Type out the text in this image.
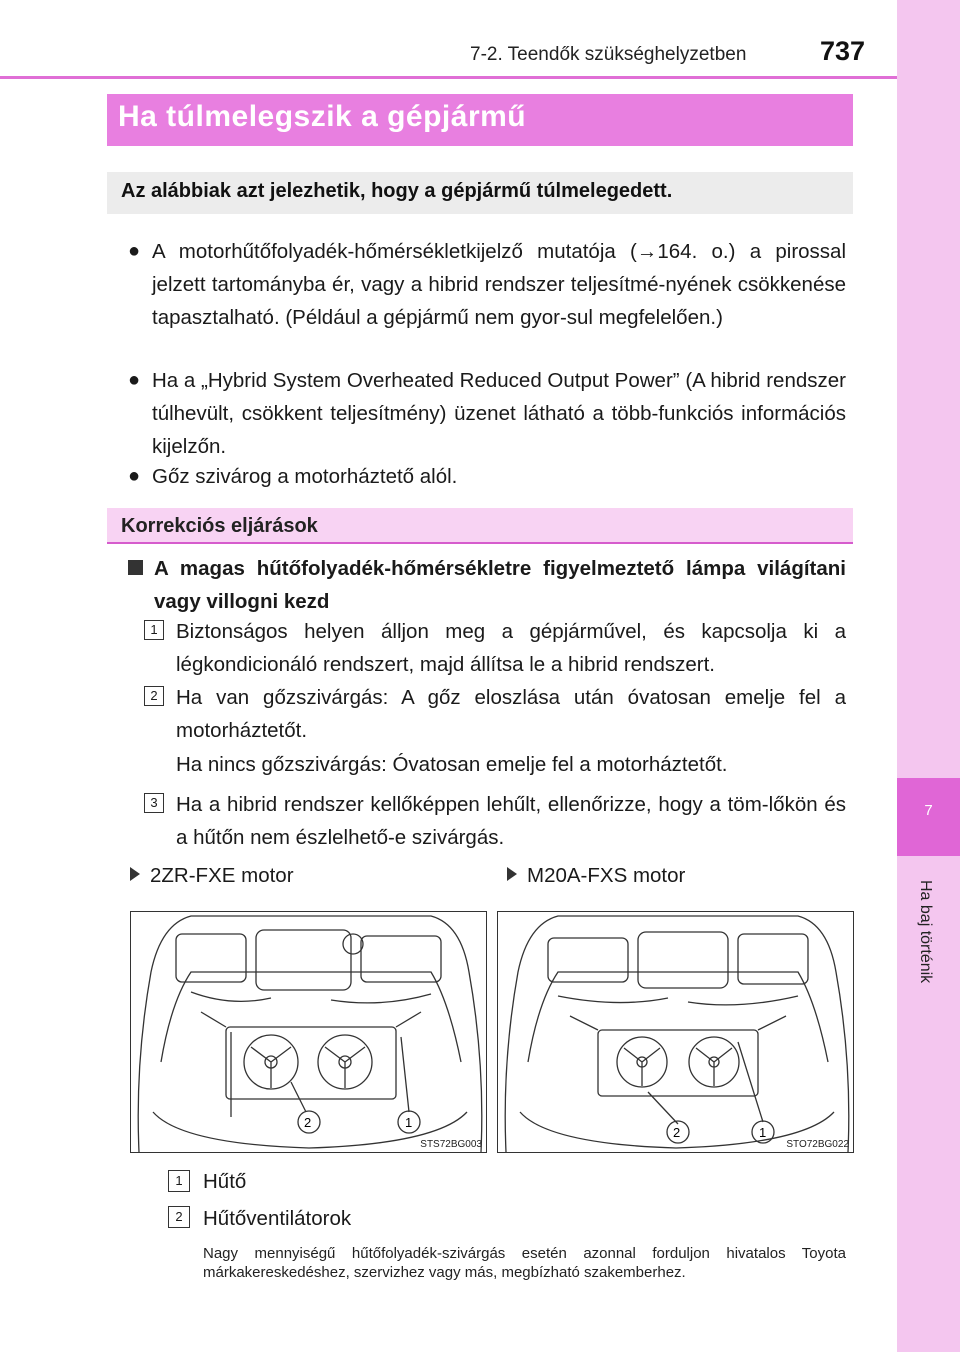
7
Ha baj történik
7-2. Teendők szükséghelyzetben	737
Ha túlmelegszik a gépjármű
Az alábbiak azt jelezhetik, hogy a gépjármű túlmelegedett.
● A motorhűtőfolyadék-hőmérsékletkijelző mutatója (→164. o.) a pirossal jelzett tartományba ér, vagy a hibrid rendszer teljesítmé-nyének csökkenése tapasztalható. (Például a gépjármű nem gyor-sul megfelelően.)
● Ha a „Hybrid System Overheated Reduced Output Power” (A hibrid rendszer túlhevült, csökkent teljesítmény) üzenet látható a több-funkciós információs kijelzőn.
● Gőz szivárog a motorháztető alól.
Korrekciós eljárások
A magas hűtőfolyadék-hőmérsékletre figyelmeztető lámpa világítani vagy villogni kezd
1 Biztonságos helyen álljon meg a gépjárművel, és kapcsolja ki a légkondicionáló rendszert, majd állítsa le a hibrid rendszert.
2 Ha van gőzszivárgás: A gőz eloszlása után óvatosan emelje fel a motorháztetőt.
Ha nincs gőzszivárgás: Óvatosan emelje fel a motorháztetőt.
3 Ha a hibrid rendszer kellőképpen lehűlt, ellenőrizze, hogy a töm-lőkön és a hűtőn nem észlelhető-e szivárgás.
2ZR-FXE motor	M20A-FXS motor
2	1
STS72BG003
2	1
STO72BG022
1 Hűtő
2 Hűtőventilátorok
Nagy mennyiségű hűtőfolyadék-szivárgás esetén azonnal forduljon hivatalos Toyota márkakereskedéshez, szervizhez vagy más, megbízható szakemberhez.
